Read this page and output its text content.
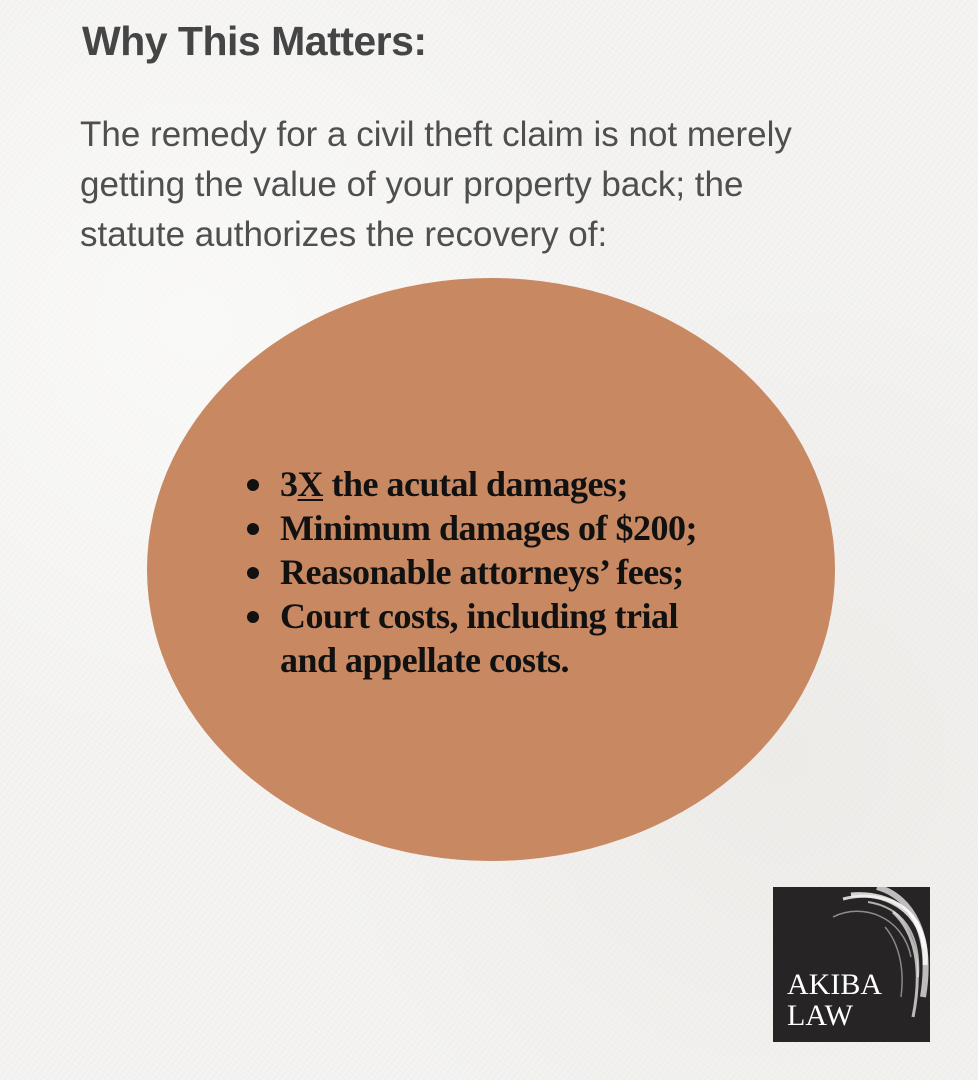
Why This Matters:

The remedy for a civil theft claim is not merely
getting the value of your property back; the
statute authorizes the recovery of:

3X the acutal damages;
Minimum damages of $200;
Reasonable attorneys’ fees;
Court costs, including trial
and appellate costs.
AKIBA
LAW
